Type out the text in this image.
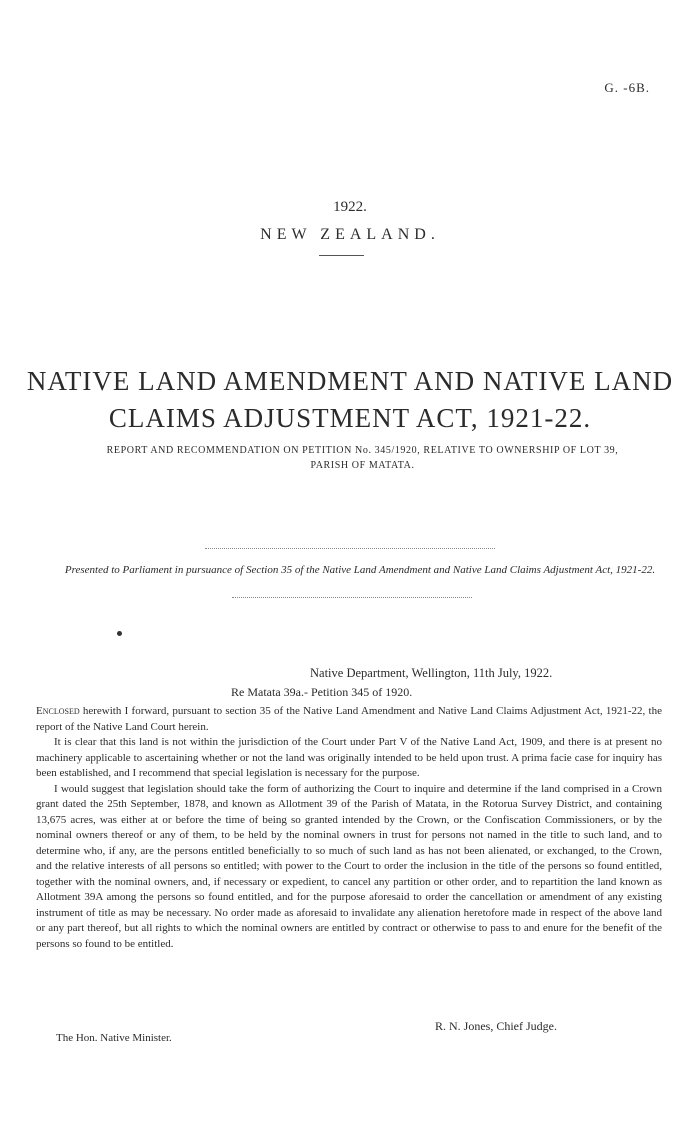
G. -6B.
1922.
NEW ZEALAND.
NATIVE LAND AMENDMENT AND NATIVE LAND
CLAIMS ADJUSTMENT ACT, 1921-22.
REPORT AND RECOMMENDATION ON PETITION No. 345/1920, RELATIVE TO OWNERSHIP OF LOT 39, PARISH OF MATATA.
Presented to Parliament in pursuance of Section 35 of the Native Land Amendment and Native Land Claims Adjustment Act, 1921-22.
Native Department, Wellington, 11th July, 1922.
Re Matata 39a.- Petition 345 of 1920.

Enclosed herewith I forward, pursuant to section 35 of the Native Land Amendment and Native Land Claims Adjustment Act, 1921-22, the report of the Native Land Court herein.

It is clear that this land is not within the jurisdiction of the Court under Part V of the Native Land Act, 1909, and there is at present no machinery applicable to ascertaining whether or not the land was originally intended to be held upon trust. A prima facie case for inquiry has been established, and I recommend that special legislation is necessary for the purpose.

I would suggest that legislation should take the form of authorizing the Court to inquire and determine if the land comprised in a Crown grant dated the 25th September, 1878, and known as Allotment 39 of the Parish of Matata, in the Rotorua Survey District, and containing 13,675 acres, was either at or before the time of being so granted intended by the Crown, or the Confiscation Commissioners, or by the nominal owners thereof or any of them, to be held by the nominal owners in trust for persons not named in the title to such land, and to determine who, if any, are the persons entitled beneficially to so much of such land as has not been alienated, or exchanged, to the Crown, and the relative interests of all persons so entitled; with power to the Court to order the inclusion in the title of the persons so found entitled, together with the nominal owners, and, if necessary or expedient, to cancel any partition or other order, and to repartition the land known as Allotment 39A among the persons so found entitled, and for the purpose aforesaid to order the cancellation or amendment of any existing instrument of title as may be necessary. No order made as aforesaid to invalidate any alienation heretofore made in respect of the above land or any part thereof, but all rights to which the nominal owners are entitled by contract or otherwise to pass to and enure for the benefit of the persons so found to be entitled.

R. N. Jones, Chief Judge.
The Hon. Native Minister.
